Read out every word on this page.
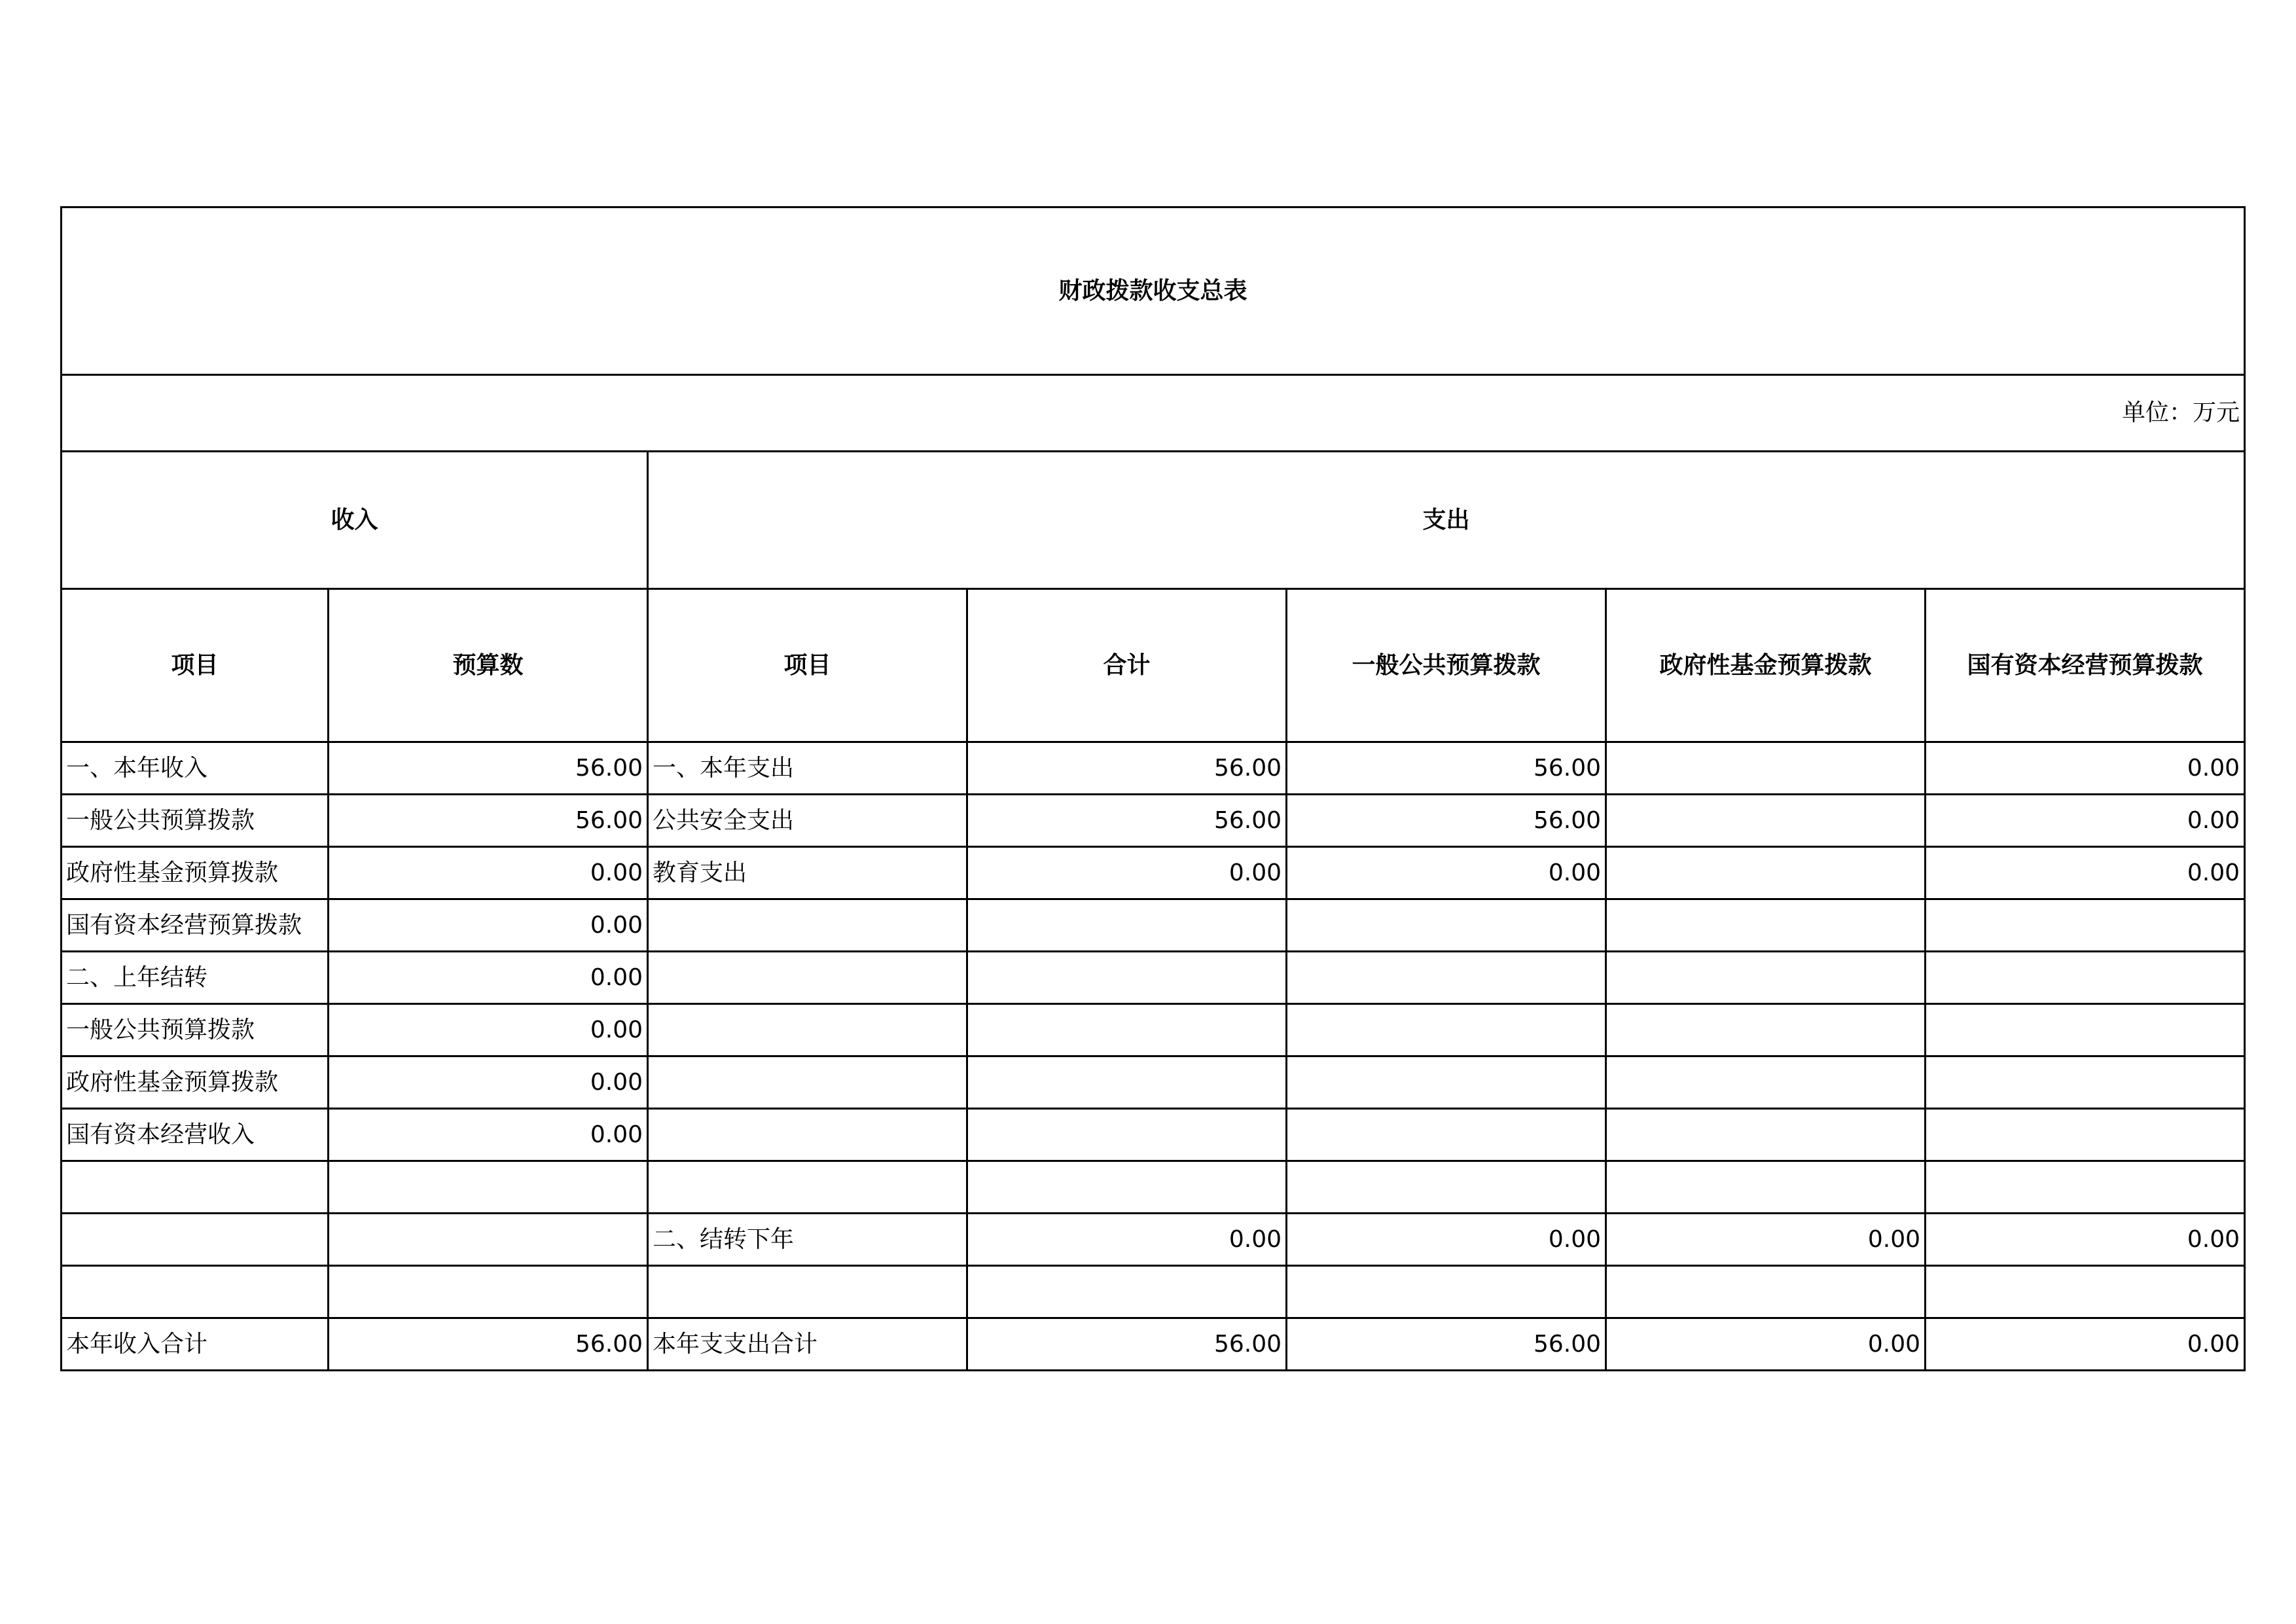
财政拨款收支总表						
单位：万元						
收入		支出				
项目	预算数	项目	合计	一般公共预算拨款	政府性基金预算拨款	国有资本经营预算拨款
一、本年收入	56.00	一、本年支出	56.00	56.00		0.00
一般公共预算拨款	56.00	公共安全支出	56.00	56.00		0.00
政府性基金预算拨款	0.00	教育支出	0.00	0.00		0.00
国有资本经营预算拨款	0.00					
二、上年结转	0.00					
一般公共预算拨款	0.00					
政府性基金预算拨款	0.00					
国有资本经营收入	0.00					

		二、结转下年	0.00	0.00	0.00	0.00

本年收入合计	56.00	本年支支出合计	56.00	56.00	0.00	0.00
